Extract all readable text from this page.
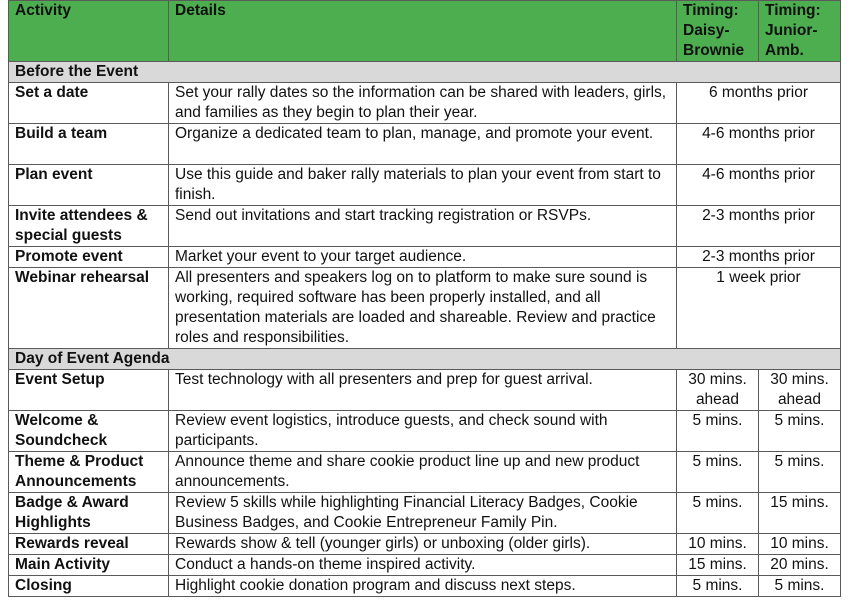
Activity	Details	Timing: Daisy-Brownie	Timing: Junior-Amb.
Before the Event			
Set a date	Set your rally dates so the information can be shared with leaders, girls, and families as they begin to plan their year.	6 months prior	
Build a team	Organize a dedicated team to plan, manage, and promote your event.	4-6 months prior	
Plan event	Use this guide and baker rally materials to plan your event from start to finish.	4-6 months prior	
Invite attendees & special guests	Send out invitations and start tracking registration or RSVPs.	2-3 months prior	
Promote event	Market your event to your target audience.	2-3 months prior	
Webinar rehearsal	All presenters and speakers log on to platform to make sure sound is working, required software has been properly installed, and all presentation materials are loaded and shareable. Review and practice roles and responsibilities.	1 week prior	
Day of Event Agenda			
Event Setup	Test technology with all presenters and prep for guest arrival.	30 mins. ahead	30 mins. ahead
Welcome & Soundcheck	Review event logistics, introduce guests, and check sound with participants.	5 mins.	5 mins.
Theme & Product Announcements	Announce theme and share cookie product line up and new product announcements.	5 mins.	5 mins.
Badge & Award Highlights	Review 5 skills while highlighting Financial Literacy Badges, Cookie Business Badges, and Cookie Entrepreneur Family Pin.	5 mins.	15 mins.
Rewards reveal	Rewards show & tell (younger girls) or unboxing (older girls).	10 mins.	10 mins.
Main Activity	Conduct a hands-on theme inspired activity.	15 mins.	20 mins.
Closing	Highlight cookie donation program and discuss next steps.	5 mins.	5 mins.
